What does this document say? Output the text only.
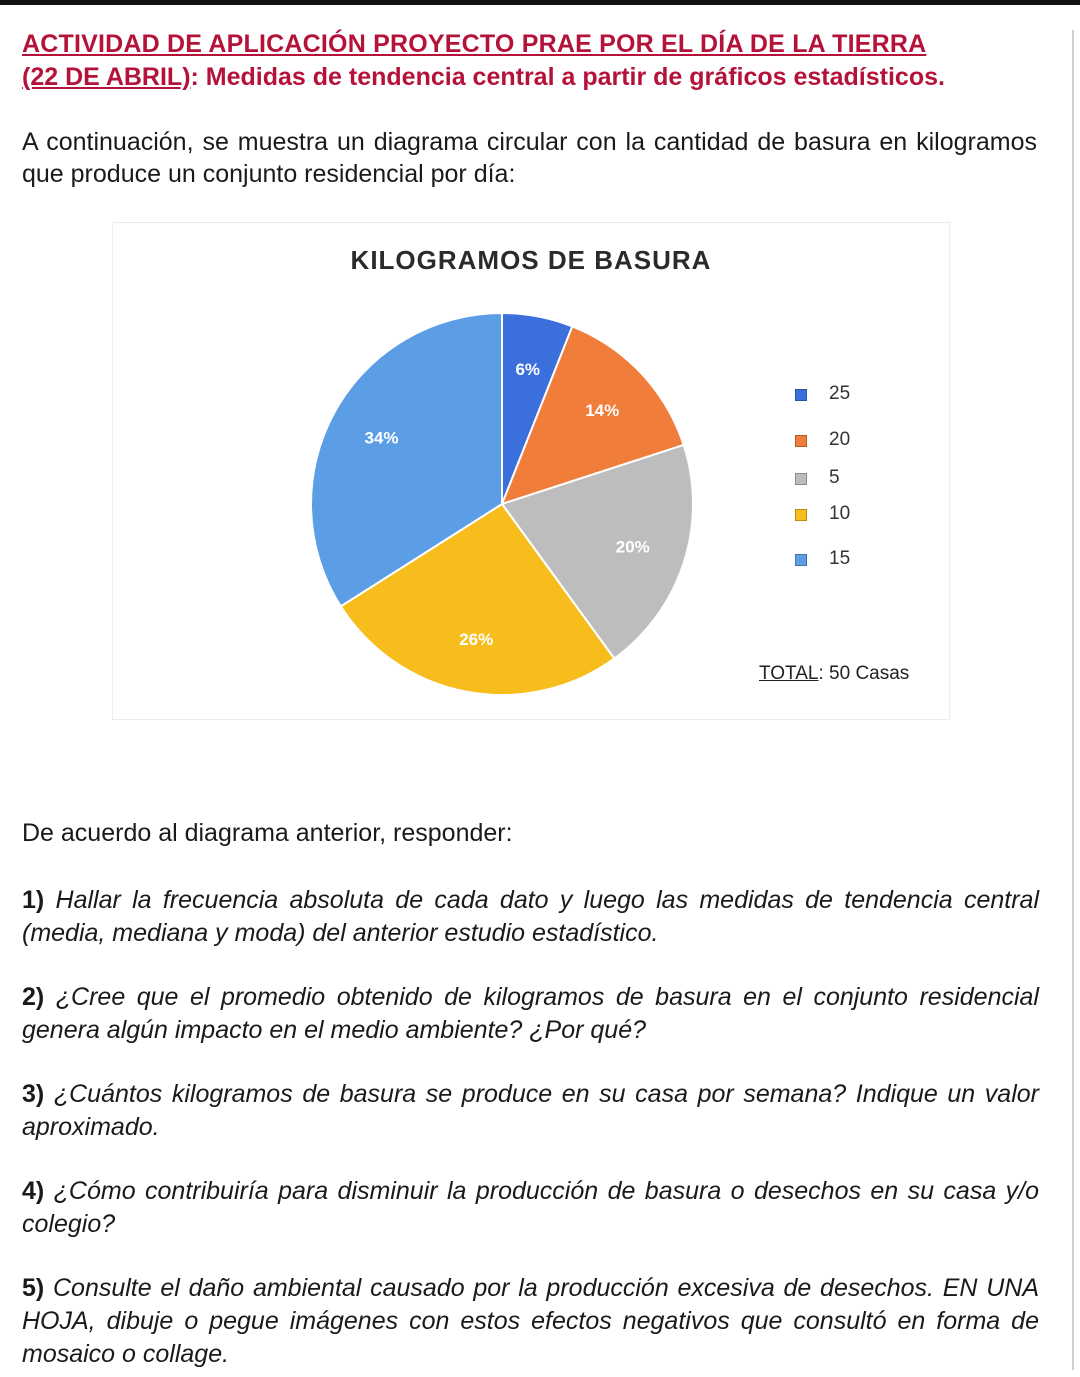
ACTIVIDAD DE APLICACIÓN PROYECTO PRAE POR EL DÍA DE LA TIERRA
(22 DE ABRIL): Medidas de tendencia central a partir de gráficos estadísticos.
A continuación, se muestra un diagrama circular con la cantidad de basura en kilogramos que produce un conjunto residencial por día:
KILOGRAMOS DE BASURA
6%
14%
20%
26%
34%
25
20
5
10
15
TOTAL: 50 Casas
De acuerdo al diagrama anterior, responder:
1) Hallar la frecuencia absoluta de cada dato y luego las medidas de tendencia central (media, mediana y moda) del anterior estudio estadístico.
2) ¿Cree que el promedio obtenido de kilogramos de basura en el conjunto residencial genera algún impacto en el medio ambiente? ¿Por qué?
3) ¿Cuántos kilogramos de basura se produce en su casa por semana? Indique un valor aproximado.
4) ¿Cómo contribuiría para disminuir la producción de basura o desechos en su casa y/o colegio?
5) Consulte el daño ambiental causado por la producción excesiva de desechos. EN UNA HOJA, dibuje o pegue imágenes con estos efectos negativos que consultó en forma de mosaico o collage.
